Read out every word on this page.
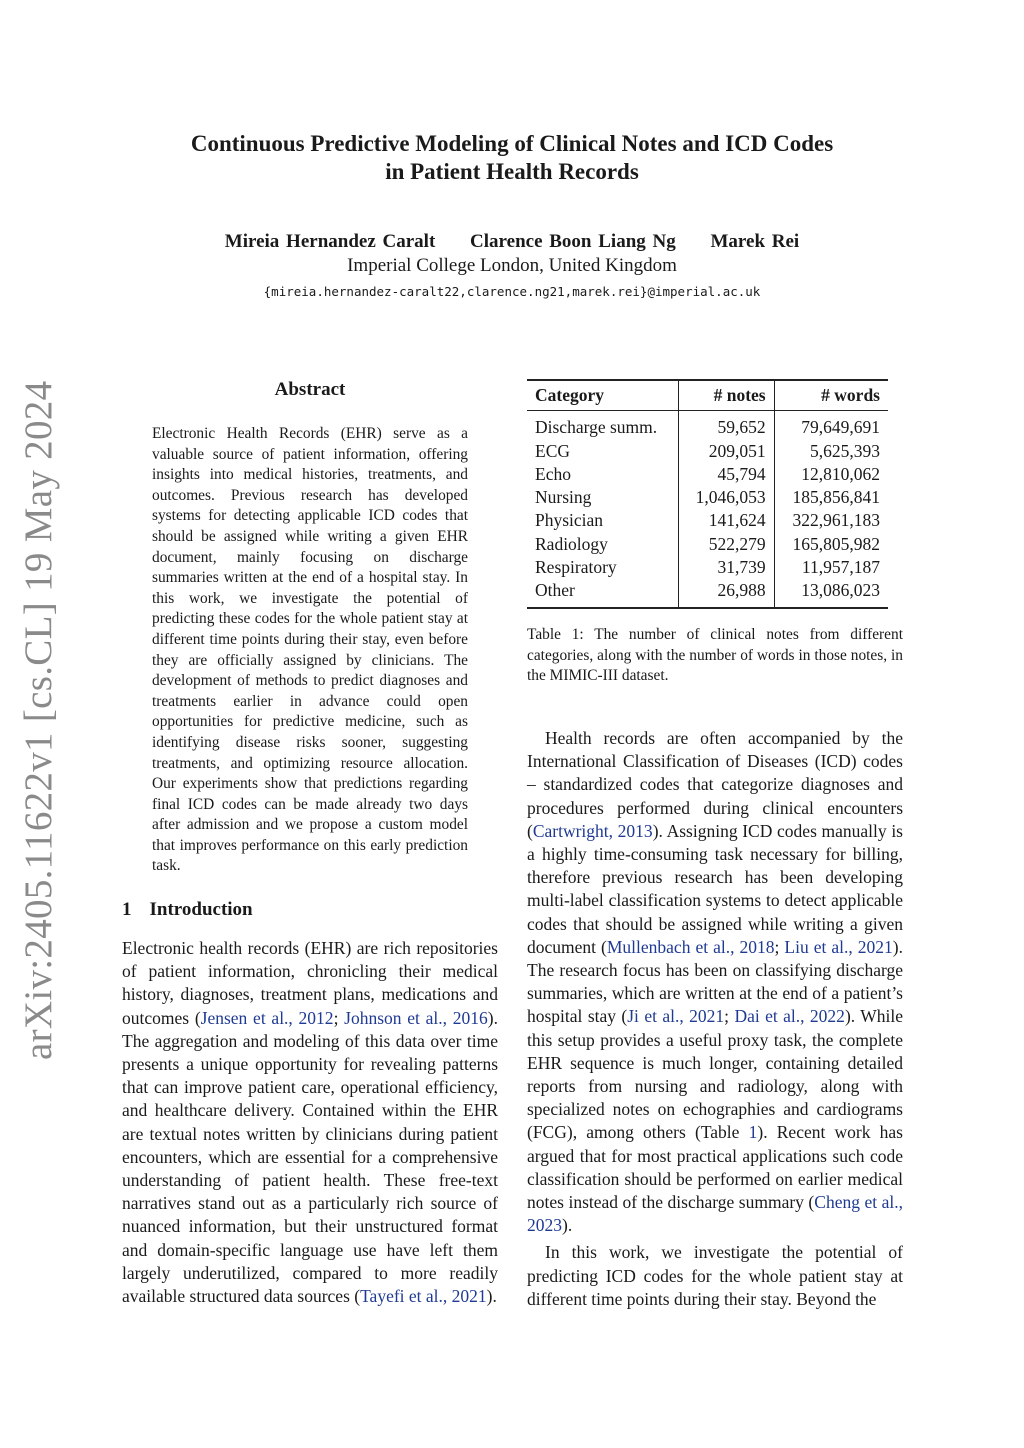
arXiv:2405.11622v1 [cs.CL] 19 May 2024
Continuous Predictive Modeling of Clinical Notes and ICD Codes
in Patient Health Records
Mireia Hernandez Caralt Clarence Boon Liang Ng Marek Rei
Imperial College London, United Kingdom
{mireia.hernandez-caralt22,clarence.ng21,marek.rei}@imperial.ac.uk
Abstract
Electronic Health Records (EHR) serve as a valuable source of patient information, offering insights into medical histories, treatments, and outcomes. Previous research has developed systems for detecting applicable ICD codes that should be assigned while writing a given EHR document, mainly focusing on discharge summaries written at the end of a hospital stay. In this work, we investigate the potential of predicting these codes for the whole patient stay at different time points during their stay, even before they are officially assigned by clinicians. The development of methods to predict diagnoses and treatments earlier in advance could open opportunities for predictive medicine, such as identifying disease risks sooner, suggesting treatments, and optimizing resource allocation. Our experiments show that predictions regarding final ICD codes can be made already two days after admission and we propose a custom model that improves performance on this early prediction task.
1 Introduction

Electronic health records (EHR) are rich repositories of patient information, chronicling their medical history, diagnoses, treatment plans, medications and outcomes (Jensen et al., 2012; Johnson et al., 2016). The aggregation and modeling of this data over time presents a unique opportunity for revealing patterns that can improve patient care, operational efficiency, and healthcare delivery. Contained within the EHR are textual notes written by clinicians during patient encounters, which are essential for a comprehensive understanding of patient health. These free-text narratives stand out as a particularly rich source of nuanced information, but their unstructured format and domain-specific language use have left them largely underutilized, compared to more readily available structured data sources (Tayefi et al., 2021).

Category	# notes	# words
Discharge summ.	59,652	79,649,691
ECG	209,051	5,625,393
Echo	45,794	12,810,062
Nursing	1,046,053	185,856,841
Physician	141,624	322,961,183
Radiology	522,279	165,805,982
Respiratory	31,739	11,957,187
Other	26,988	13,086,023
Table 1: The number of clinical notes from different categories, along with the number of words in those notes, in the MIMIC-III dataset.

Health records are often accompanied by the International Classification of Diseases (ICD) codes – standardized codes that categorize diagnoses and procedures performed during clinical encounters (Cartwright, 2013). Assigning ICD codes manually is a highly time-consuming task necessary for billing, therefore previous research has been developing multi-label classification systems to detect applicable codes that should be assigned while writing a given document (Mullenbach et al., 2018; Liu et al., 2021). The research focus has been on classifying discharge summaries, which are written at the end of a patient’s hospital stay (Ji et al., 2021; Dai et al., 2022). While this setup provides a useful proxy task, the complete EHR sequence is much longer, containing detailed reports from nursing and radiology, along with specialized notes on echographies and cardiograms (FCG), among others (Table 1). Recent work has argued that for most practical applications such code classification should be performed on earlier medical notes instead of the discharge summary (Cheng et al., 2023).

In this work, we investigate the potential of predicting ICD codes for the whole patient stay at different time points during their stay. Beyond the
